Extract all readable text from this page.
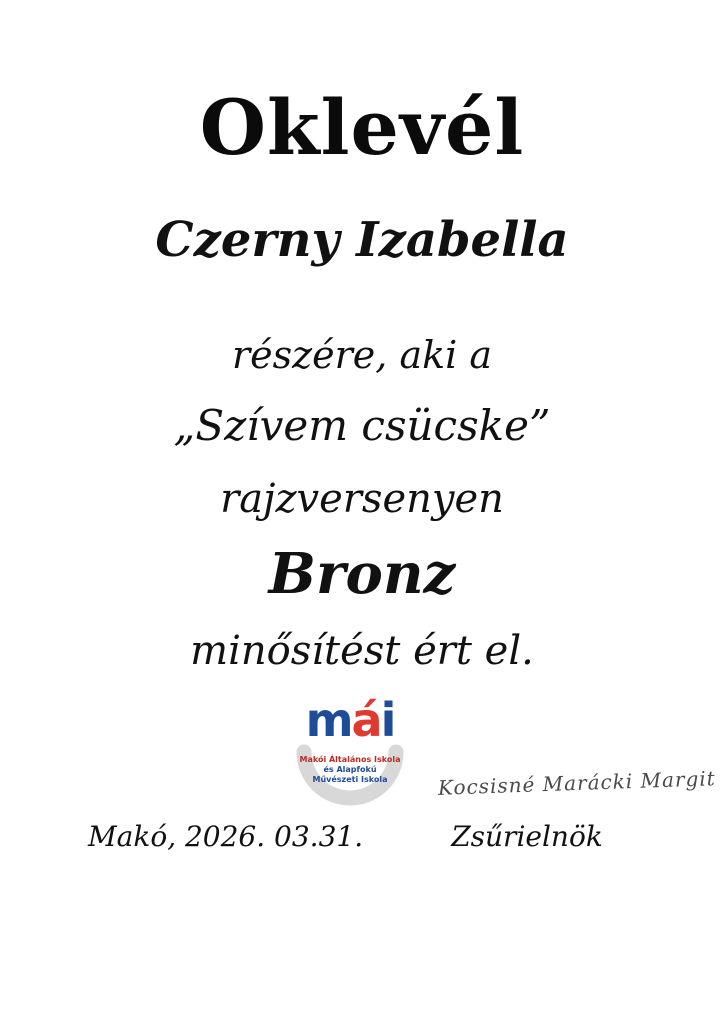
Oklevél
Czerny Izabella
részére, aki a
„Szívem csücske”
rajzversenyen
Bronz
minősítést ért el.
mái
Makói Általános Iskola
és Alapfokú
Művészeti Iskola	Kocsisné Marácki Margit
Makó, 2026. 03.31.	Zsűrielnök
